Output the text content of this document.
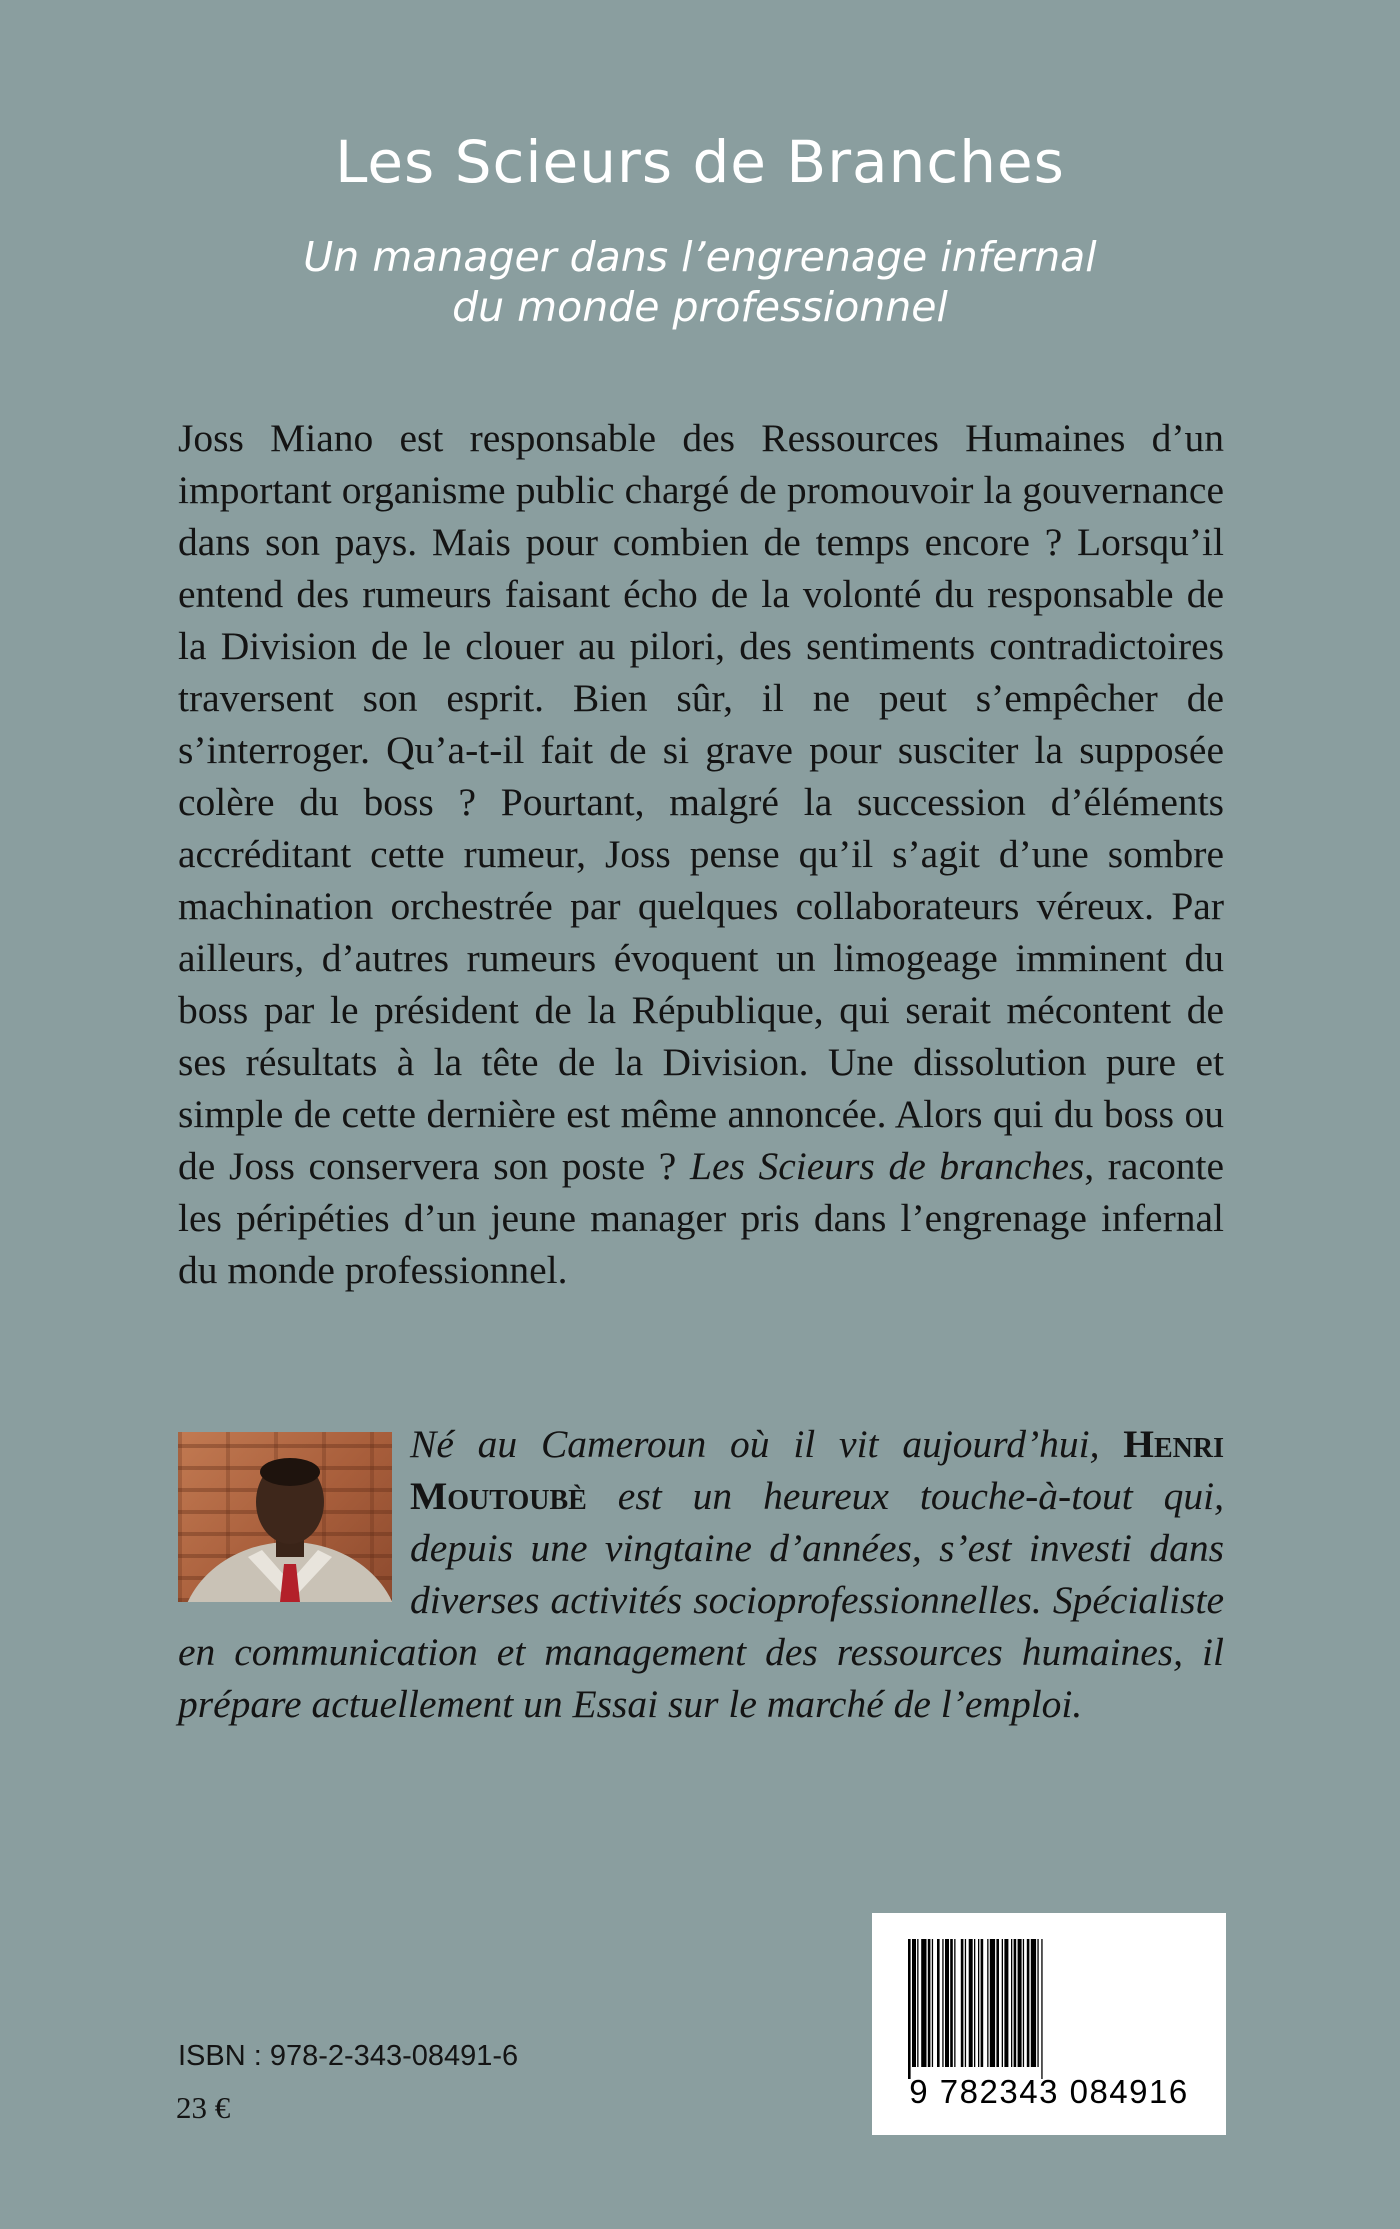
Les Scieurs de Branches
Un manager dans l’engrenage infernal
du monde professionnel

Joss Miano est responsable des Ressources Humaines d’un important organisme public chargé de promouvoir la gouvernance dans son pays. Mais pour combien de temps encore ? Lorsqu’il entend des rumeurs faisant écho de la volonté du responsable de la Division de le clouer au pilori, des sentiments contradictoires traversent son esprit. Bien sûr, il ne peut s’empêcher de s’interroger. Qu’a-t-il fait de si grave pour susciter la supposée colère du boss ? Pourtant, malgré la succession d’éléments accréditant cette rumeur, Joss pense qu’il s’agit d’une sombre machination orchestrée par quelques collaborateurs véreux. Par ailleurs, d’autres rumeurs évoquent un limogeage imminent du boss par le président de la République, qui serait mécontent de ses résultats à la tête de la Division. Une dissolution pure et simple de cette dernière est même annoncée. Alors qui du boss ou de Joss conservera son poste ? Les Scieurs de branches, raconte les péripéties d’un jeune manager pris dans l’engrenage infernal du monde professionnel.

Né au Cameroun où il vit aujourd’hui, Henri Moutoubè est un heureux touche-à-tout qui, depuis une vingtaine d’années, s’est investi dans diverses activités socioprofessionnelles. Spécialiste en communication et management des ressources humaines, il prépare actuellement un Essai sur le marché de l’emploi.

ISBN : 978-2-343-08491-6
23 €	9 782343 084916
